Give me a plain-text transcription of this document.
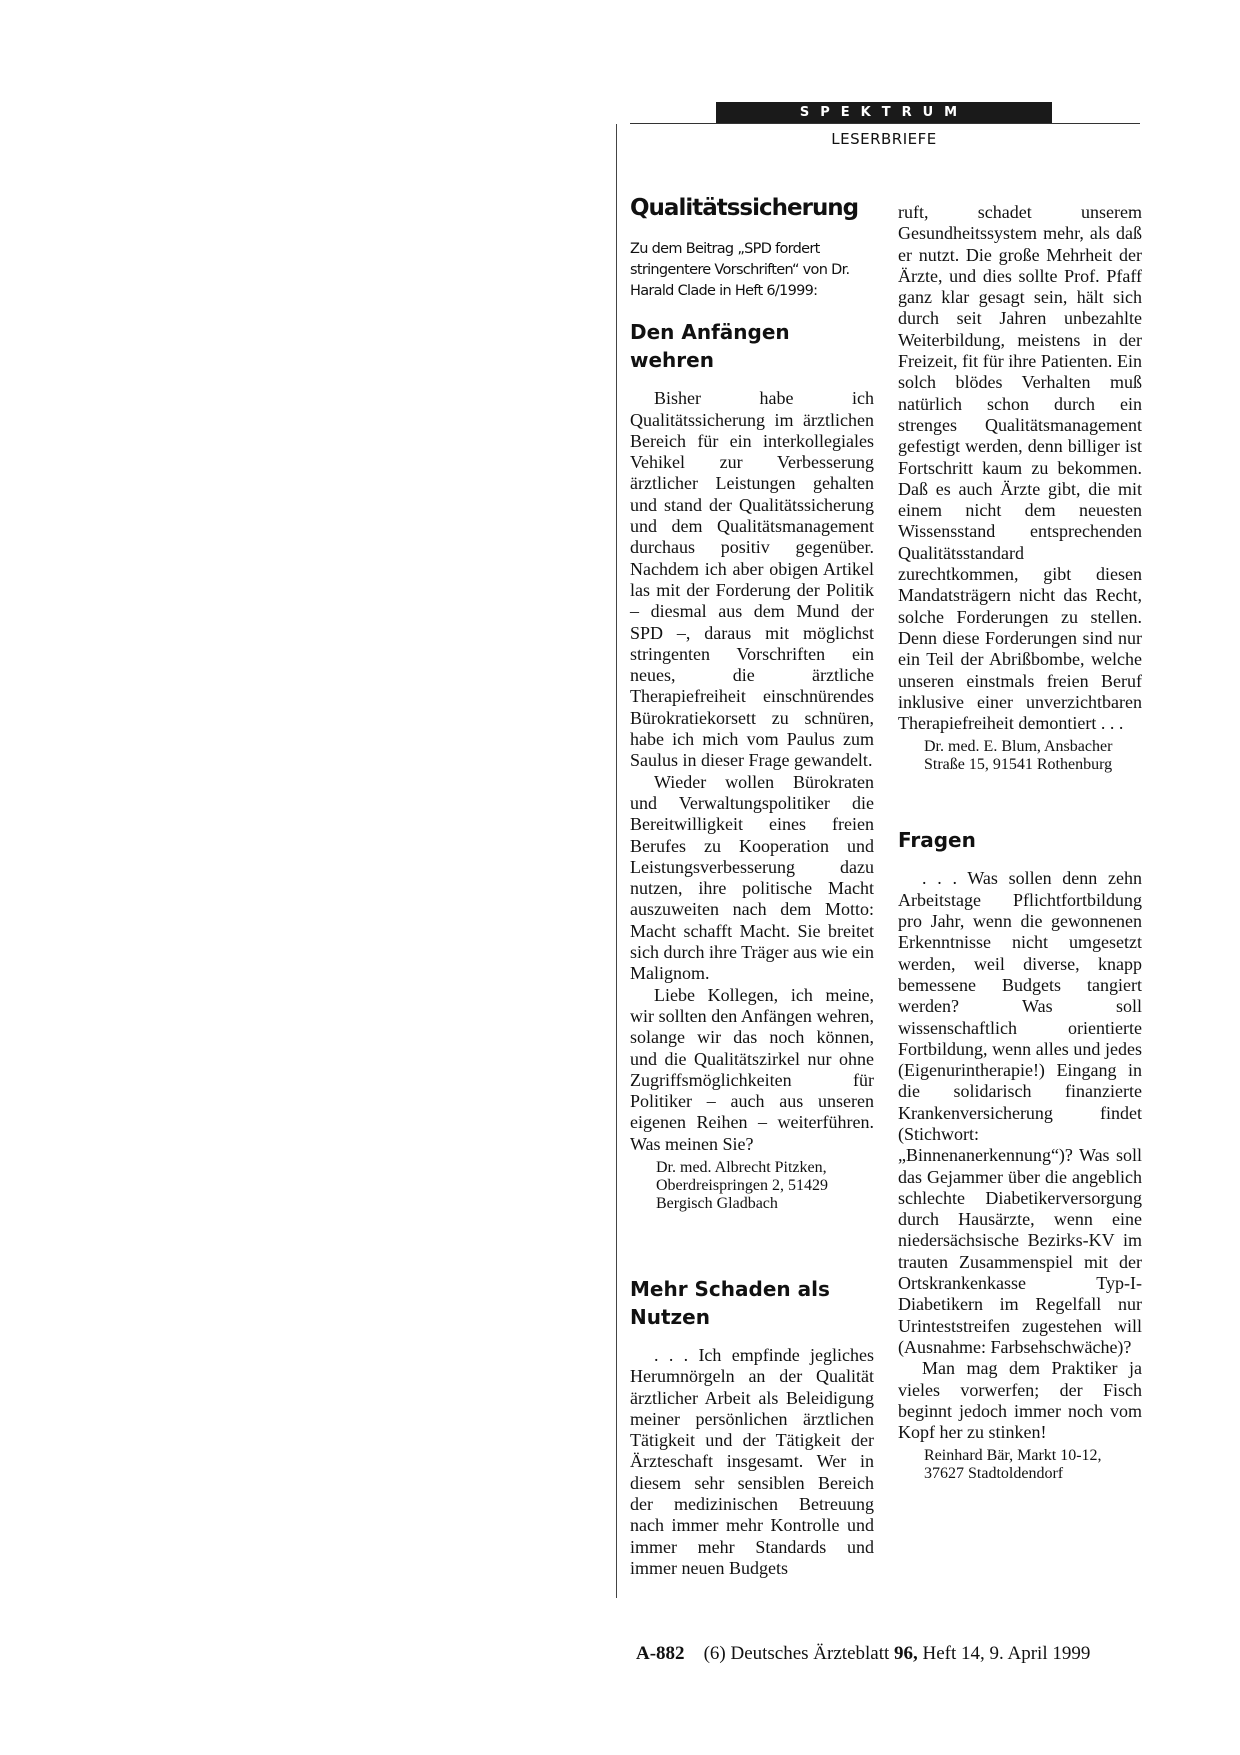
SPEKTRUM
LESERBRIEFE
Qualitätssicherung
Zu dem Beitrag „SPD fordert stringentere Vorschriften“ von Dr. Harald Clade in Heft 6/1999:
Den Anfängen wehren

Bisher habe ich Qualitätssicherung im ärztlichen Bereich für ein interkollegiales Vehikel zur Verbesserung ärztlicher Leistungen gehalten und stand der Qualitätssicherung und dem Qualitätsmanagement durchaus positiv gegenüber. Nachdem ich aber obigen Artikel las mit der Forderung der Politik – diesmal aus dem Mund der SPD –, daraus mit möglichst stringenten Vorschriften ein neues, die ärztliche Therapiefreiheit einschnürendes Bürokratiekorsett zu schnüren, habe ich mich vom Paulus zum Saulus in dieser Frage gewandelt.

Wieder wollen Bürokraten und Verwaltungspolitiker die Bereitwilligkeit eines freien Berufes zu Kooperation und Leistungsverbesserung dazu nutzen, ihre politische Macht auszuweiten nach dem Motto: Macht schafft Macht. Sie breitet sich durch ihre Träger aus wie ein Malignom.

Liebe Kollegen, ich meine, wir sollten den Anfängen wehren, solange wir das noch können, und die Qualitätszirkel nur ohne Zugriffsmöglichkeiten für Politiker – auch aus unseren eigenen Reihen – weiterführen. Was meinen Sie?

Dr. med. Albrecht Pitzken, Oberdreispringen 2, 51429 Bergisch Gladbach
Mehr Schaden als Nutzen

. . . Ich empfinde jegliches Herumnörgeln an der Qualität ärztlicher Arbeit als Beleidigung meiner persönlichen ärztlichen Tätigkeit und der Tätigkeit der Ärzteschaft insgesamt. Wer in diesem sehr sensiblen Bereich der medizinischen Betreuung nach immer mehr Kontrolle und immer mehr Standards und immer neuen Budgets

ruft, schadet unserem Gesundheitssystem mehr, als daß er nutzt. Die große Mehrheit der Ärzte, und dies sollte Prof. Pfaff ganz klar gesagt sein, hält sich durch seit Jahren unbezahlte Weiterbildung, meistens in der Freizeit, fit für ihre Patienten. Ein solch blödes Verhalten muß natürlich schon durch ein strenges Qualitätsmanagement gefestigt werden, denn billiger ist Fortschritt kaum zu bekommen. Daß es auch Ärzte gibt, die mit einem nicht dem neuesten Wissensstand entsprechenden Qualitätsstandard zurechtkommen, gibt diesen Mandatsträgern nicht das Recht, solche Forderungen zu stellen. Denn diese Forderungen sind nur ein Teil der Abrißbombe, welche unseren einstmals freien Beruf inklusive einer unverzichtbaren Therapiefreiheit demontiert . . .

Dr. med. E. Blum, Ansbacher Straße 15, 91541 Rothenburg
Fragen

. . . Was sollen denn zehn Arbeitstage Pflichtfortbildung pro Jahr, wenn die gewonnenen Erkenntnisse nicht umgesetzt werden, weil diverse, knapp bemessene Budgets tangiert werden? Was soll wissenschaftlich orientierte Fortbildung, wenn alles und jedes (Eigenurintherapie!) Eingang in die solidarisch finanzierte Krankenversicherung findet (Stichwort: „Binnenanerkennung“)? Was soll das Gejammer über die angeblich schlechte Diabetikerversorgung durch Hausärzte, wenn eine niedersächsische Bezirks-KV im trauten Zusammenspiel mit der Ortskrankenkasse Typ-I-Diabetikern im Regelfall nur Urinteststreifen zugestehen will (Ausnahme: Farbsehschwäche)?

Man mag dem Praktiker ja vieles vorwerfen; der Fisch beginnt jedoch immer noch vom Kopf her zu stinken!

Reinhard Bär, Markt 10-12, 37627 Stadtoldendorf
A-882 (6) Deutsches Ärzteblatt 96, Heft 14, 9. April 1999
